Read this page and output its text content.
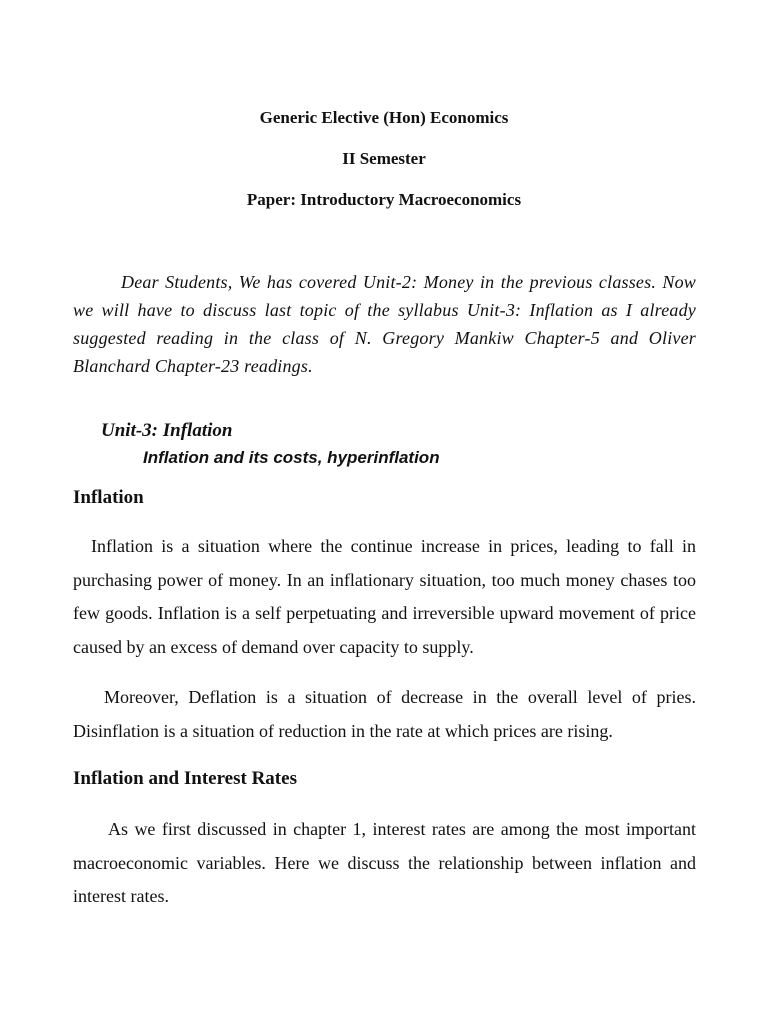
Generic Elective (Hon) Economics

II Semester

Paper: Introductory Macroeconomics

Dear Students, We has covered Unit-2: Money in the previous classes. Now we will have to discuss last topic of the syllabus Unit-3: Inflation as I already suggested reading in the class of N. Gregory Mankiw Chapter-5 and Oliver Blanchard Chapter-23 readings.

Unit-3: Inflation

Inflation and its costs, hyperinflation

Inflation

Inflation is a situation where the continue increase in prices, leading to fall in purchasing power of money. In an inflationary situation, too much money chases too few goods. Inflation is a self perpetuating and irreversible upward movement of price caused by an excess of demand over capacity to supply.

Moreover, Deflation is a situation of decrease in the overall level of pries. Disinflation is a situation of reduction in the rate at which prices are rising.

Inflation and Interest Rates

As we first discussed in chapter 1, interest rates are among the most important macroeconomic variables. Here we discuss the relationship between inflation and interest rates.
